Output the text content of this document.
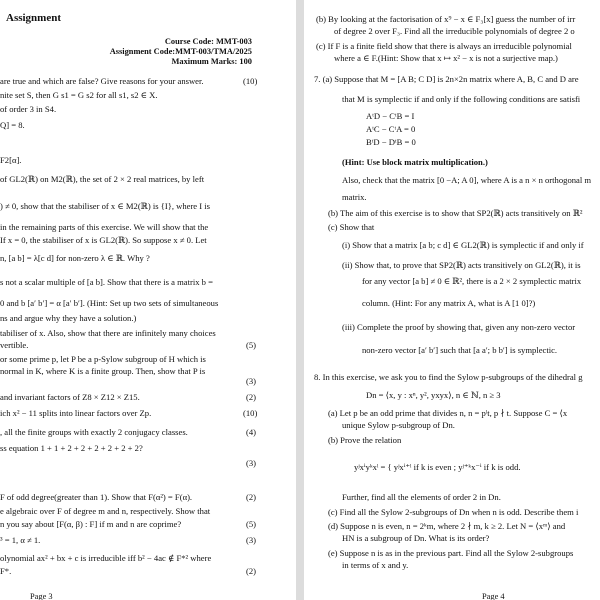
Assignment
Course Code: MMT-003
Assignment Code:MMT-003/TMA/2025
Maximum Marks: 100
are true and which are false? Give reasons for your answer.	(10)
nite set S, then G s1 = G s2 for all s1, s2 ∈ X.
of order 3 in S4.
Q] = 8.
F2[α].
of GL2(ℝ) on M2(ℝ), the set of 2 × 2 real matrices, by left
) ≠ 0, show that the stabiliser of x ∈ M2(ℝ) is {I}, where I is
in the remaining parts of this exercise. We will show that the
If x = 0, the stabiliser of x is GL2(ℝ). So suppose x ≠ 0. Let
n, [a b] = λ[c d] for non-zero λ ∈ ℝ. Why ?
s not a scalar multiple of [a b]. Show that there is a matrix b =
0 and b [a′ b′] = α [a′ b′]. (Hint: Set up two sets of simultaneous
ns and argue why they have a solution.)
tabiliser of x. Also, show that there are infinitely many choices
vertible.	(5)
or some prime p, let P be a p-Sylow subgroup of H which is
normal in K, where K is a finite group. Then, show that P is
(3)
and invariant factors of Z8 × Z12 × Z15.	(2)
ich x² − 11 splits into linear factors over Zp.	(10)
, all the finite groups with exactly 2 conjugacy classes.	(4)
ss equation 1 + 1 + 2 + 2 + 2 + 2 + 2 + 2?
(3)
F of odd degree(greater than 1). Show that F(α²) = F(α).	(2)
e algebraic over F of degree m and n, respectively. Show that
n you say about [F(α, β) : F] if m and n are coprime?	(5)
³ = 1, α ≠ 1.	(3)
olynomial ax² + bx + c is irreducible iff b² − 4ac ∉ F*² where
F*.	(2)
Page 3
(b) By looking at the factorisation of x⁹ − x ∈ F₃[x] guess the number of irr
of degree 2 over F₃. Find all the irreducible polynomials of degree 2 o
(c) If F is a finite field show that there is always an irreducible polynomial
where a ∈ F.(Hint: Show that x ↦ x² − x is not a surjective map.)
7. (a) Suppose that M = [A B; C D] is 2n×2n matrix where A, B, C and D are
that M is symplectic if and only if the following conditions are satisfi
AᵗD − CᵗB = I
AᵗC − CᵗA = 0
BᵗD − DᵗB = 0
(Hint: Use block matrix multiplication.)
Also, check that the matrix [0 −A; A 0], where A is a n × n orthogonal m
matrix.
(b) The aim of this exercise is to show that SP2(ℝ) acts transitively on ℝ²
(c) Show that
(i) Show that a matrix [a b; c d] ∈ GL2(ℝ) is symplectic if and only if
(ii) Show that, to prove that SP2(ℝ) acts transitively on GL2(ℝ), it is
for any vector [a b] ≠ 0 ∈ ℝ², there is a 2 × 2 symplectic matrix
column. (Hint: For any matrix A, what is A [1 0]?)
(iii) Complete the proof by showing that, given any non-zero vector
non-zero vector [a′ b′] such that [a a′; b b′] is symplectic.
8. In this exercise, we ask you to find the Sylow p-subgroups of the dihedral g
Dn = ⟨x, y : xⁿ, y², yxyx⟩, n ∈ ℕ, n ≥ 3
(a) Let p be an odd prime that divides n, n = pˡt, p ∤ t. Suppose C = ⟨x
unique Sylow p-subgroup of Dn.
(b) Prove the relation
yʲxⁱyᵏxˡ = { yʲxⁱ⁺ˡ if k is even ; yʲ⁺ᵏx⁻ⁱ if k is odd.
Further, find all the elements of order 2 in Dn.
(c) Find all the Sylow 2-subgroups of Dn when n is odd. Describe them i
(d) Suppose n is even, n = 2ᵏm, where 2 ∤ m, k ≥ 2. Let N = ⟨xᵐ⟩ and
HN is a subgroup of Dn. What is its order?
(e) Suppose n is as in the previous part. Find all the Sylow 2-subgroups
in terms of x and y.
Page 4
